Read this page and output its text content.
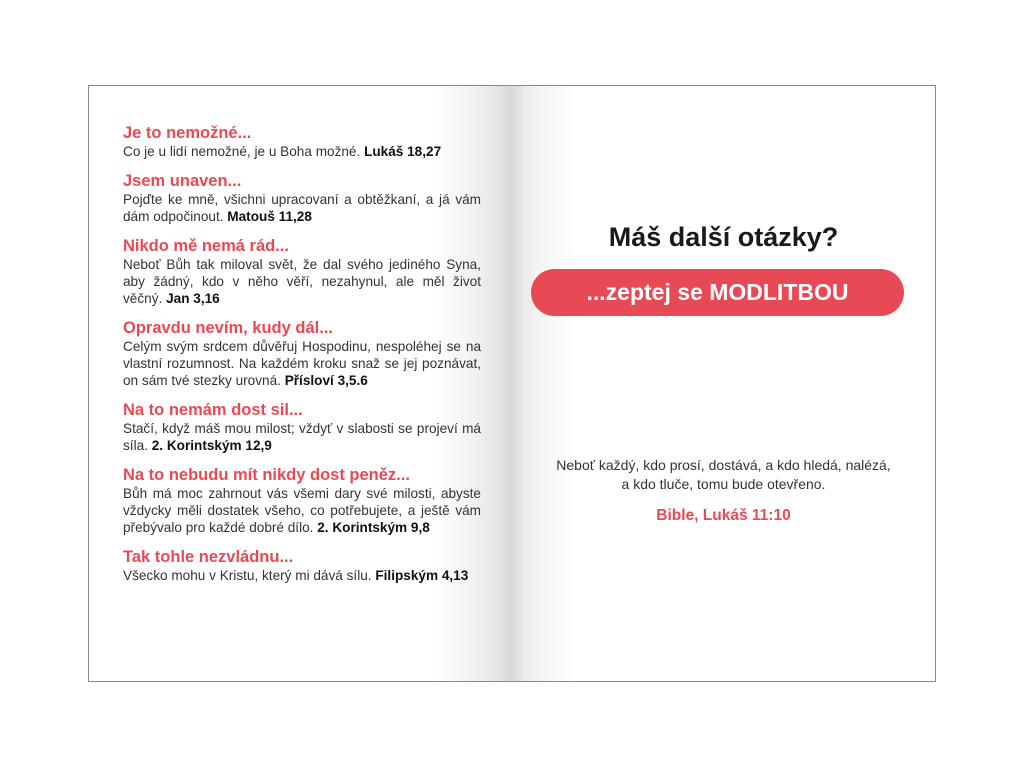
Je to nemožné...

Co je u lidí nemožné, je u Boha možné. Lukáš 18,27

Jsem unaven...

Pojďte ke mně, všichni upracovaní a obtěžkaní, a já vám dám odpočinout. Matouš 11,28

Nikdo mě nemá rád...

Neboť Bůh tak miloval svět, že dal svého jediného Syna, aby žádný, kdo v něho věří, nezahynul, ale měl život věčný. Jan 3,16

Opravdu nevím, kudy dál...

Celým svým srdcem důvěřuj Hospodinu, nespoléhej se na vlastní rozumnost. Na každém kroku snaž se jej poznávat, on sám tvé stezky urovná. Přísloví 3,5.6

Na to nemám dost sil...

Stačí, když máš mou milost; vždyť v slabosti se projeví má síla. 2. Korintským 12,9

Na to nebudu mít nikdy dost peněz...

Bůh má moc zahrnout vás všemi dary své milosti, abyste vždycky měli dostatek všeho, co potřebujete, a ještě vám přebývalo pro každé dobré dílo. 2. Korintským 9,8

Tak tohle nezvládnu...

Všecko mohu v Kristu, který mi dává sílu. Filipským 4,13

Máš další otázky?

...zeptej se MODLITBOU

Neboť každý, kdo prosí, dostává, a kdo hledá, nalézá,
a kdo tluče, tomu bude otevřeno.

Bible, Lukáš 11:10
